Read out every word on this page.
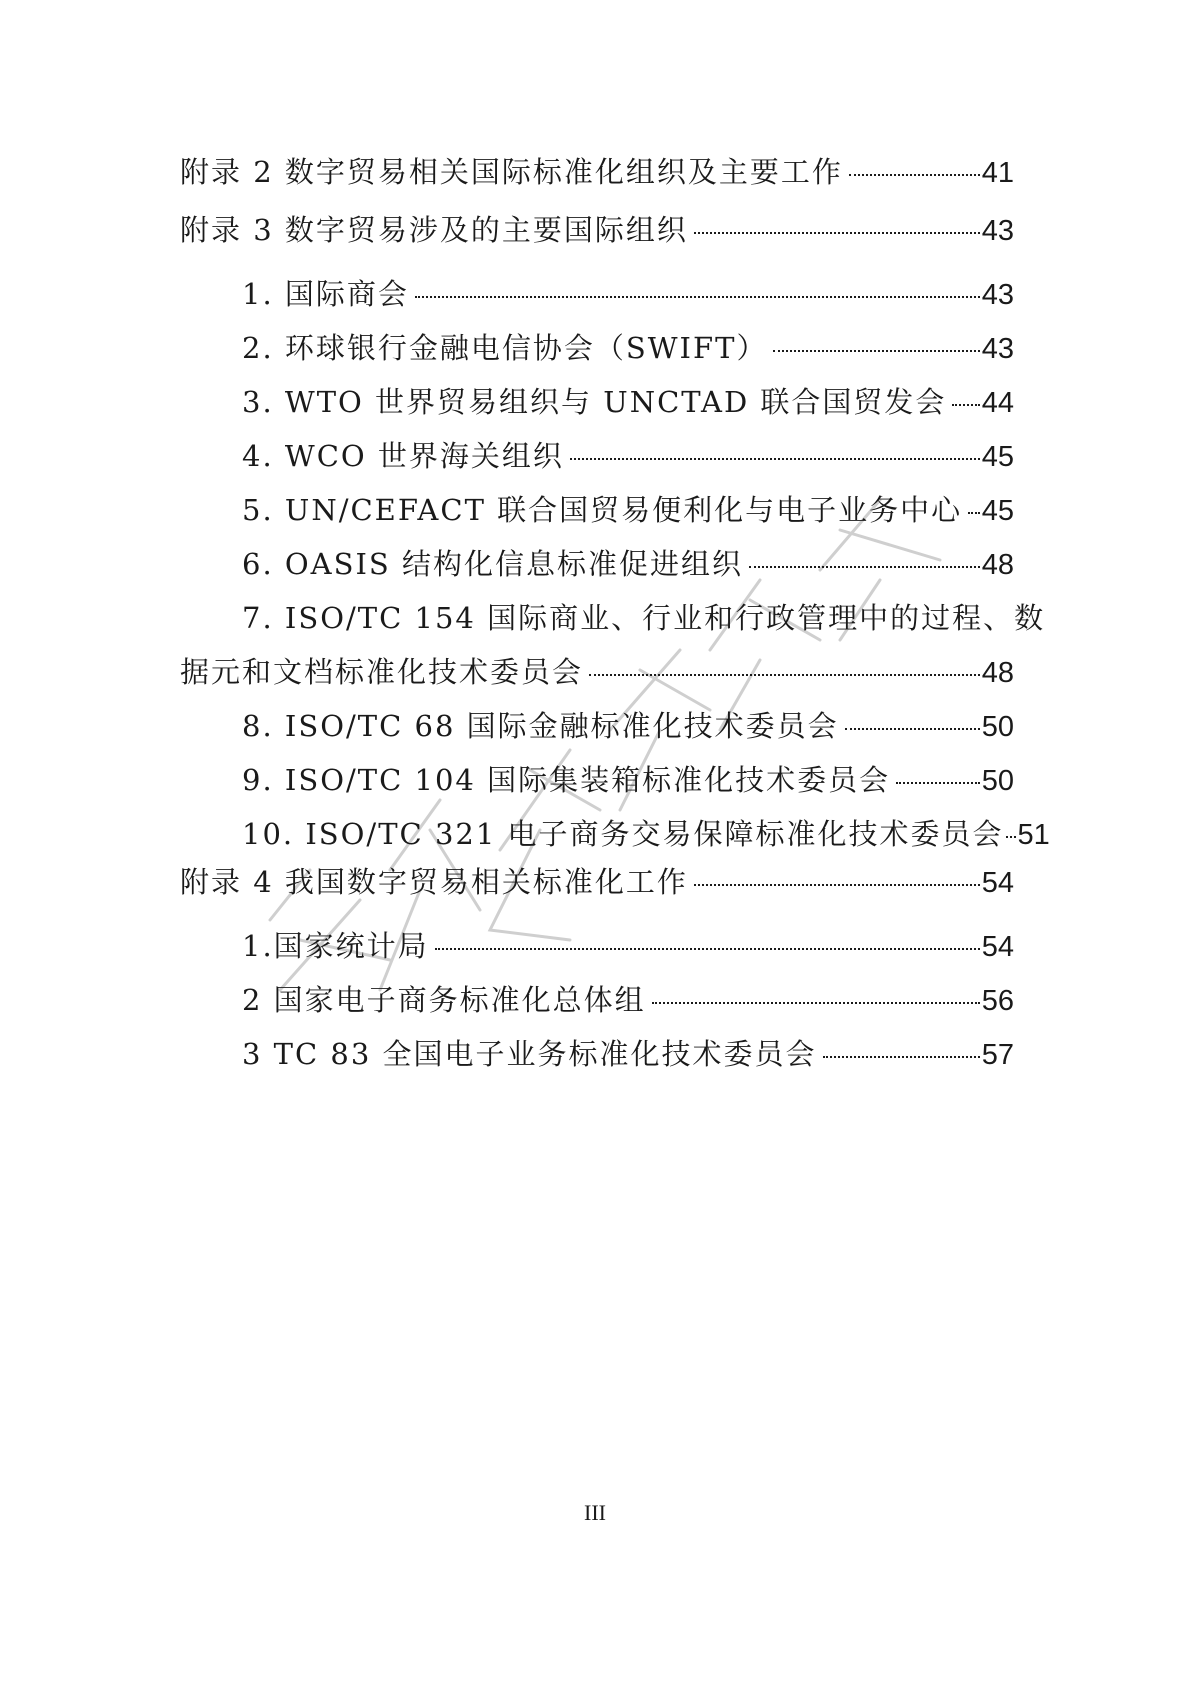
附录 2 数字贸易相关国际标准化组织及主要工作	41
附录 3 数字贸易涉及的主要国际组织	43
1. 国际商会	43
2. 环球银行金融电信协会（SWIFT）	43
3. WTO 世界贸易组织与 UNCTAD 联合国贸发会 44
4. WCO 世界海关组织	45
5. UN/CEFACT 联合国贸易便利化与电子业务中心 45
6. OASIS 结构化信息标准促进组织	48
7. ISO/TC 154 国际商业、行业和行政管理中的过程、数
据元和文档标准化技术委员会	48
8. ISO/TC 68 国际金融标准化技术委员会	50
9. ISO/TC 104 国际集装箱标准化技术委员会	50
10. ISO/TC 321 电子商务交易保障标准化技术委员会 51
附录 4 我国数字贸易相关标准化工作	54
1.国家统计局	54
2 国家电子商务标准化总体组	56
3 TC 83 全国电子业务标准化技术委员会	57
III
